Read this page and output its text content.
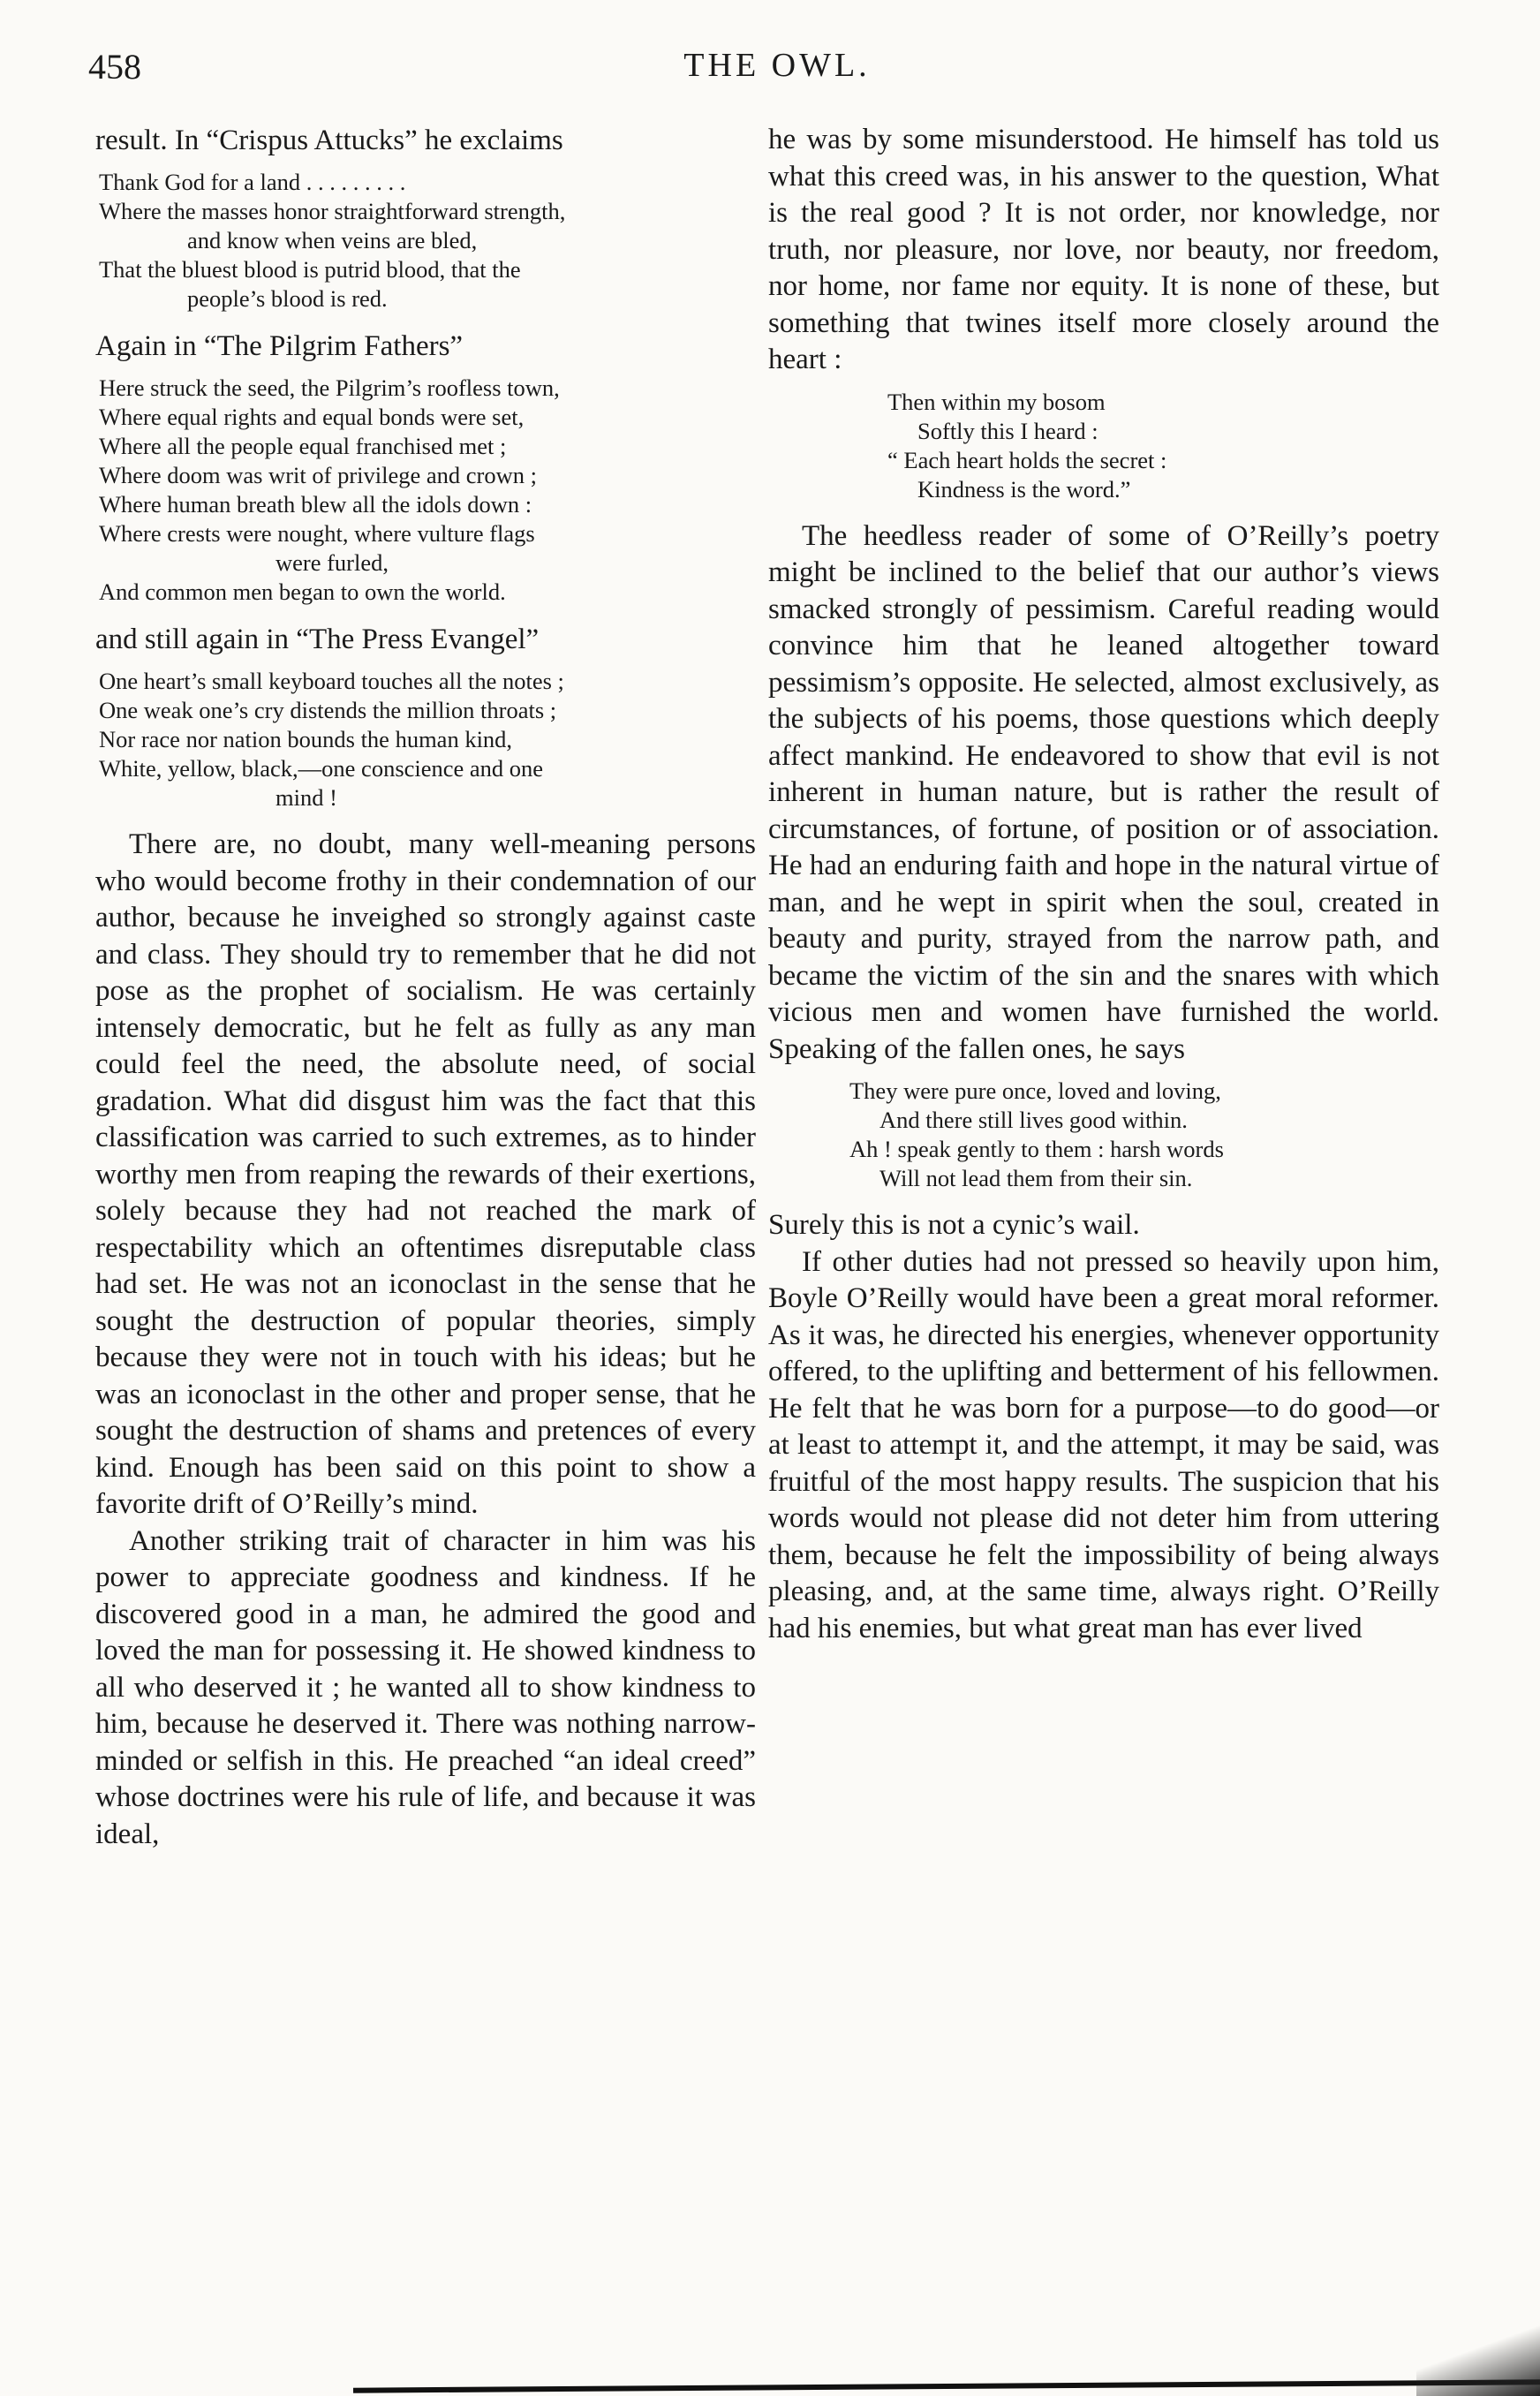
458	THE OWL.

result. In “Crispus Attucks” he exclaims

Thank God for a land . . . . . . . . .
Where the masses honor straightforward strength,
and know when veins are bled,
That the bluest blood is putrid blood, that the
people’s blood is red.

Again in “The Pilgrim Fathers”

Here struck the seed, the Pilgrim’s roofless town,
Where equal rights and equal bonds were set,
Where all the people equal franchised met ;
Where doom was writ of privilege and crown ;
Where human breath blew all the idols down :
Where crests were nought, where vulture flags
were furled,
And common men began to own the world.

and still again in “The Press Evangel”

One heart’s small keyboard touches all the notes ;
One weak one’s cry distends the million throats ;
Nor race nor nation bounds the human kind,
White, yellow, black,—one conscience and one
mind !

There are, no doubt, many well-meaning persons who would become frothy in their condemnation of our author, because he inveighed so strongly against caste and class. They should try to remember that he did not pose as the prophet of socialism. He was certainly intensely democratic, but he felt as fully as any man could feel the need, the absolute need, of social gradation. What did disgust him was the fact that this classification was carried to such extremes, as to hinder worthy men from reaping the rewards of their exertions, solely because they had not reached the mark of respectability which an oftentimes disreputable class had set. He was not an iconoclast in the sense that he sought the destruction of popular theories, simply because they were not in touch with his ideas; but he was an iconoclast in the other and proper sense, that he sought the destruction of shams and pretences of every kind. Enough has been said on this point to show a favorite drift of O’Reilly’s mind.

Another striking trait of character in him was his power to appreciate goodness and kindness. If he discovered good in a man, he admired the good and loved the man for possessing it. He showed kindness to all who deserved it ; he wanted all to show kindness to him, because he deserved it. There was nothing narrow-minded or selfish in this. He preached “an ideal creed” whose doctrines were his rule of life, and because it was ideal,

he was by some misunderstood. He himself has told us what this creed was, in his answer to the question, What is the real good ? It is not order, nor knowledge, nor truth, nor pleasure, nor love, nor beauty, nor freedom, nor home, nor fame nor equity. It is none of these, but something that twines itself more closely around the heart :

Then within my bosom
Softly this I heard :
“ Each heart holds the secret :
Kindness is the word.”

The heedless reader of some of O’Reilly’s poetry might be inclined to the belief that our author’s views smacked strongly of pessimism. Careful reading would convince him that he leaned altogether toward pessimism’s opposite. He selected, almost exclusively, as the subjects of his poems, those questions which deeply affect mankind. He endeavored to show that evil is not inherent in human nature, but is rather the result of circumstances, of fortune, of position or of association. He had an enduring faith and hope in the natural virtue of man, and he wept in spirit when the soul, created in beauty and purity, strayed from the narrow path, and became the victim of the sin and the snares with which vicious men and women have furnished the world. Speaking of the fallen ones, he says

They were pure once, loved and loving,
And there still lives good within.
Ah ! speak gently to them : harsh words
Will not lead them from their sin.

Surely this is not a cynic’s wail.

If other duties had not pressed so heavily upon him, Boyle O’Reilly would have been a great moral reformer. As it was, he directed his energies, whenever opportunity offered, to the uplifting and betterment of his fellowmen. He felt that he was born for a purpose—to do good—or at least to attempt it, and the attempt, it may be said, was fruitful of the most happy results. The suspicion that his words would not please did not deter him from uttering them, because he felt the impossibility of being always pleasing, and, at the same time, always right. O’Reilly had his enemies, but what great man has ever lived
